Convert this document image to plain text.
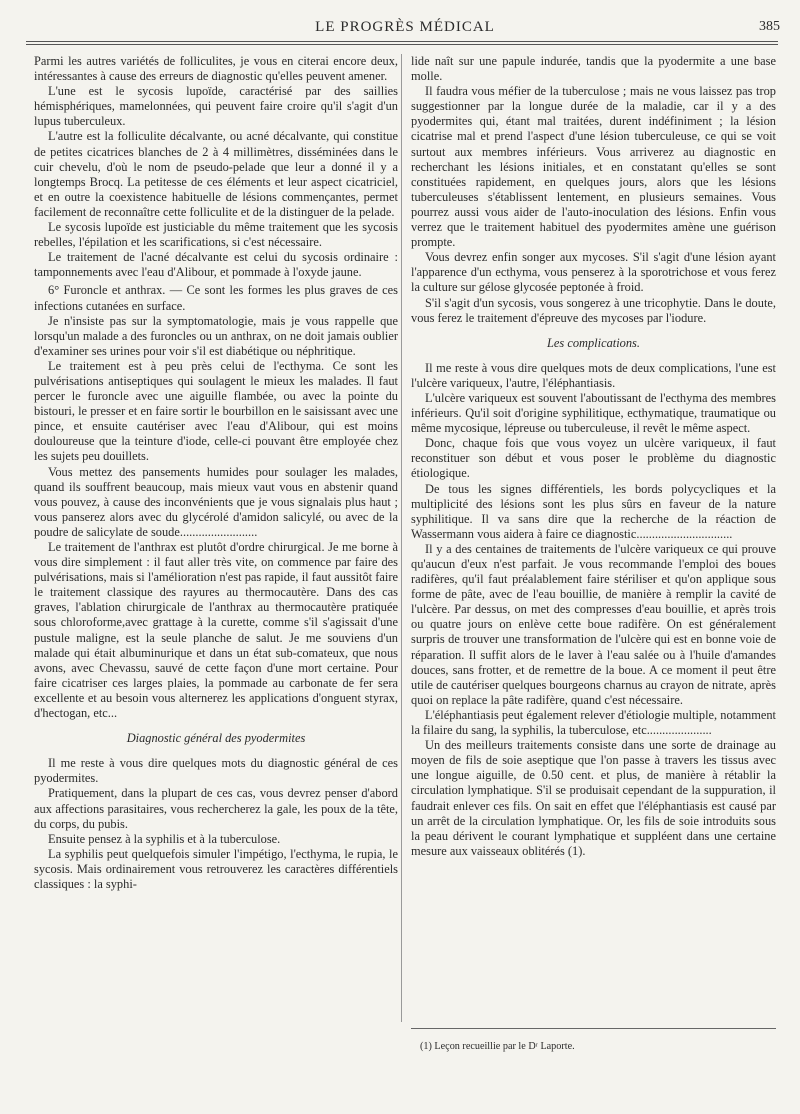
LE PROGRÈS MÉDICAL	385

Parmi les autres variétés de folliculites, je vous en citerai encore deux, intéressantes à cause des erreurs de diagnostic qu'elles peuvent amener.

L'une est le sycosis lupoïde, caractérisé par des saillies hémisphériques, mamelonnées, qui peuvent faire croire qu'il s'agit d'un lupus tuberculeux.

L'autre est la folliculite décalvante, ou acné décalvante, qui constitue de petites cicatrices blanches de 2 à 4 millimètres, disséminées dans le cuir chevelu, d'où le nom de pseudo-pelade que leur a donné il y a longtemps Brocq. La petitesse de ces éléments et leur aspect cicatriciel, et en outre la coexistence habituelle de lésions commençantes, permet facilement de reconnaître cette folliculite et de la distinguer de la pelade.

Le sycosis lupoïde est justiciable du même traitement que les sycosis rebelles, l'épilation et les scarifications, si c'est nécessaire.

Le traitement de l'acné décalvante est celui du sycosis ordinaire : tamponnements avec l'eau d'Alibour, et pommade à l'oxyde jaune.

6° Furoncle et anthrax. — Ce sont les formes les plus graves de ces infections cutanées en surface.

Je n'insiste pas sur la symptomatologie, mais je vous rappelle que lorsqu'un malade a des furoncles ou un anthrax, on ne doit jamais oublier d'examiner ses urines pour voir s'il est diabétique ou néphritique.

Le traitement est à peu près celui de l'ecthyma. Ce sont les pulvérisations antiseptiques qui soulagent le mieux les malades. Il faut percer le furoncle avec une aiguille flambée, ou avec la pointe du bistouri, le presser et en faire sortir le bourbillon en le saisissant avec une pince, et ensuite cautériser avec l'eau d'Alibour, qui est moins douloureuse que la teinture d'iode, celle-ci pouvant être employée chez les sujets peu douillets.

Vous mettez des pansements humides pour soulager les malades, quand ils souffrent beaucoup, mais mieux vaut vous en abstenir quand vous pouvez, à cause des inconvénients que je vous signalais plus haut ; vous panserez alors avec du glycérolé d'amidon salicylé, ou avec de la poudre de salicylate de soude.........................

Le traitement de l'anthrax est plutôt d'ordre chirurgical. Je me borne à vous dire simplement : il faut aller très vite, on commence par faire des pulvérisations, mais si l'amélioration n'est pas rapide, il faut aussitôt faire le traitement classique des rayures au thermocautère. Dans des cas graves, l'ablation chirurgicale de l'anthrax au thermocautère pratiquée sous chloroforme,avec grattage à la curette, comme s'il s'agissait d'une pustule maligne, est la seule planche de salut. Je me souviens d'un malade qui était albuminurique et dans un état sub-comateux, que nous avons, avec Chevassu, sauvé de cette façon d'une mort certaine. Pour faire cicatriser ces larges plaies, la pommade au carbonate de fer sera excellente et au besoin vous alternerez les applications d'onguent styrax, d'hectogan, etc...

Diagnostic général des pyodermites

Il me reste à vous dire quelques mots du diagnostic général de ces pyodermites.

Pratiquement, dans la plupart de ces cas, vous devrez penser d'abord aux affections parasitaires, vous rechercherez la gale, les poux de la tête, du corps, du pubis.

Ensuite pensez à la syphilis et à la tuberculose.

La syphilis peut quelquefois simuler l'impétigo, l'ecthyma, le rupia, le sycosis. Mais ordinairement vous retrouverez les caractères différentiels classiques : la syphi-

lide naît sur une papule indurée, tandis que la pyodermite a une base molle.

Il faudra vous méfier de la tuberculose ; mais ne vous laissez pas trop suggestionner par la longue durée de la maladie, car il y a des pyodermites qui, étant mal traitées, durent indéfiniment ; la lésion cicatrise mal et prend l'aspect d'une lésion tuberculeuse, ce qui se voit surtout aux membres inférieurs. Vous arriverez au diagnostic en recherchant les lésions initiales, et en constatant qu'elles se sont constituées rapidement, en quelques jours, alors que les lésions tuberculeuses s'établissent lentement, en plusieurs semaines. Vous pourrez aussi vous aider de l'auto-inoculation des lésions. Enfin vous verrez que le traitement habituel des pyodermites amène une guérison prompte.

Vous devrez enfin songer aux mycoses. S'il s'agit d'une lésion ayant l'apparence d'un ecthyma, vous penserez à la sporotrichose et vous ferez la culture sur gélose glycosée peptonée à froid.

S'il s'agit d'un sycosis, vous songerez à une tricophytie. Dans le doute, vous ferez le traitement d'épreuve des mycoses par l'iodure.

Les complications.

Il me reste à vous dire quelques mots de deux complications, l'une est l'ulcère variqueux, l'autre, l'éléphantiasis.

L'ulcère variqueux est souvent l'aboutissant de l'ecthyma des membres inférieurs. Qu'il soit d'origine syphilitique, ecthymatique, traumatique ou même mycosique, lépreuse ou tuberculeuse, il revêt le même aspect.

Donc, chaque fois que vous voyez un ulcère variqueux, il faut reconstituer son début et vous poser le problème du diagnostic étiologique.

De tous les signes différentiels, les bords polycycliques et la multiplicité des lésions sont les plus sûrs en faveur de la nature syphilitique. Il va sans dire que la recherche de la réaction de Wassermann vous aidera à faire ce diagnostic...............................

Il y a des centaines de traitements de l'ulcère variqueux ce qui prouve qu'aucun d'eux n'est parfait. Je vous recommande l'emploi des boues radifères, qu'il faut préalablement faire stériliser et qu'on applique sous forme de pâte, avec de l'eau bouillie, de manière à remplir la cavité de l'ulcère. Par dessus, on met des compresses d'eau bouillie, et après trois ou quatre jours on enlève cette boue radifère. On est généralement surpris de trouver une transformation de l'ulcère qui est en bonne voie de réparation. Il suffit alors de le laver à l'eau salée ou à l'huile d'amandes douces, sans frotter, et de remettre de la boue. A ce moment il peut être utile de cautériser quelques bourgeons charnus au crayon de nitrate, après quoi on replace la pâte radifère, quand c'est nécessaire.

L'éléphantiasis peut également relever d'étiologie multiple, notamment la filaire du sang, la syphilis, la tuberculose, etc.....................

Un des meilleurs traitements consiste dans une sorte de drainage au moyen de fils de soie aseptique que l'on passe à travers les tissus avec une longue aiguille, de 0.50 cent. et plus, de manière à rétablir la circulation lymphatique. S'il se produisait cependant de la suppuration, il faudrait enlever ces fils. On sait en effet que l'éléphantiasis est causé par un arrêt de la circulation lymphatique. Or, les fils de soie introduits sous la peau dérivent le courant lymphatique et suppléent dans une certaine mesure aux vaisseaux oblitérés (1).

(1) Leçon recueillie par le Dʳ Laporte.
